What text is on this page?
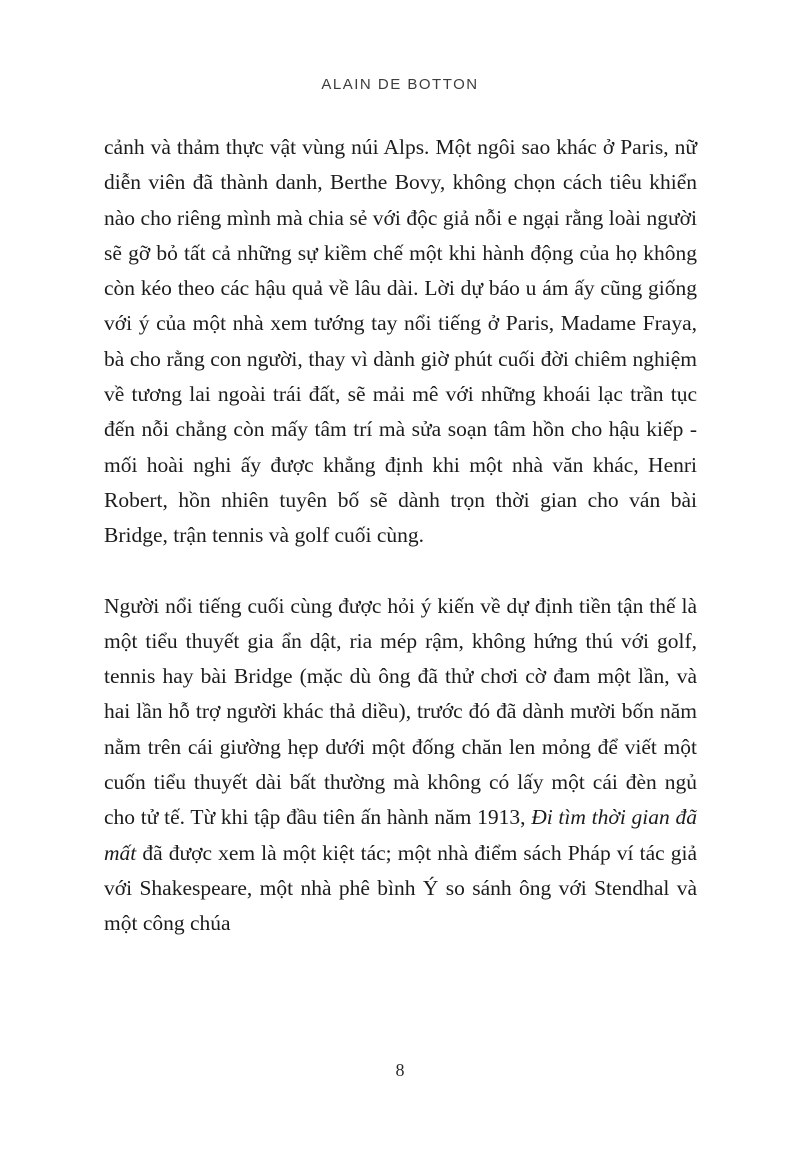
ALAIN DE BOTTON

cảnh và thảm thực vật vùng núi Alps. Một ngôi sao khác ở Paris, nữ diễn viên đã thành danh, Berthe Bovy, không chọn cách tiêu khiển nào cho riêng mình mà chia sẻ với độc giả nỗi e ngại rằng loài người sẽ gỡ bỏ tất cả những sự kiềm chế một khi hành động của họ không còn kéo theo các hậu quả về lâu dài. Lời dự báo u ám ấy cũng giống với ý của một nhà xem tướng tay nổi tiếng ở Paris, Madame Fraya, bà cho rằng con người, thay vì dành giờ phút cuối đời chiêm nghiệm về tương lai ngoài trái đất, sẽ mải mê với những khoái lạc trần tục đến nỗi chẳng còn mấy tâm trí mà sửa soạn tâm hồn cho hậu kiếp - mối hoài nghi ấy được khẳng định khi một nhà văn khác, Henri Robert, hồn nhiên tuyên bố sẽ dành trọn thời gian cho ván bài Bridge, trận tennis và golf cuối cùng.

Người nổi tiếng cuối cùng được hỏi ý kiến về dự định tiền tận thế là một tiểu thuyết gia ẩn dật, ria mép rậm, không hứng thú với golf, tennis hay bài Bridge (mặc dù ông đã thử chơi cờ đam một lần, và hai lần hỗ trợ người khác thả diều), trước đó đã dành mười bốn năm nằm trên cái giường hẹp dưới một đống chăn len mỏng để viết một cuốn tiểu thuyết dài bất thường mà không có lấy một cái đèn ngủ cho tử tế. Từ khi tập đầu tiên ấn hành năm 1913, Đi tìm thời gian đã mất đã được xem là một kiệt tác; một nhà điểm sách Pháp ví tác giả với Shakespeare, một nhà phê bình Ý so sánh ông với Stendhal và một công chúa

8
